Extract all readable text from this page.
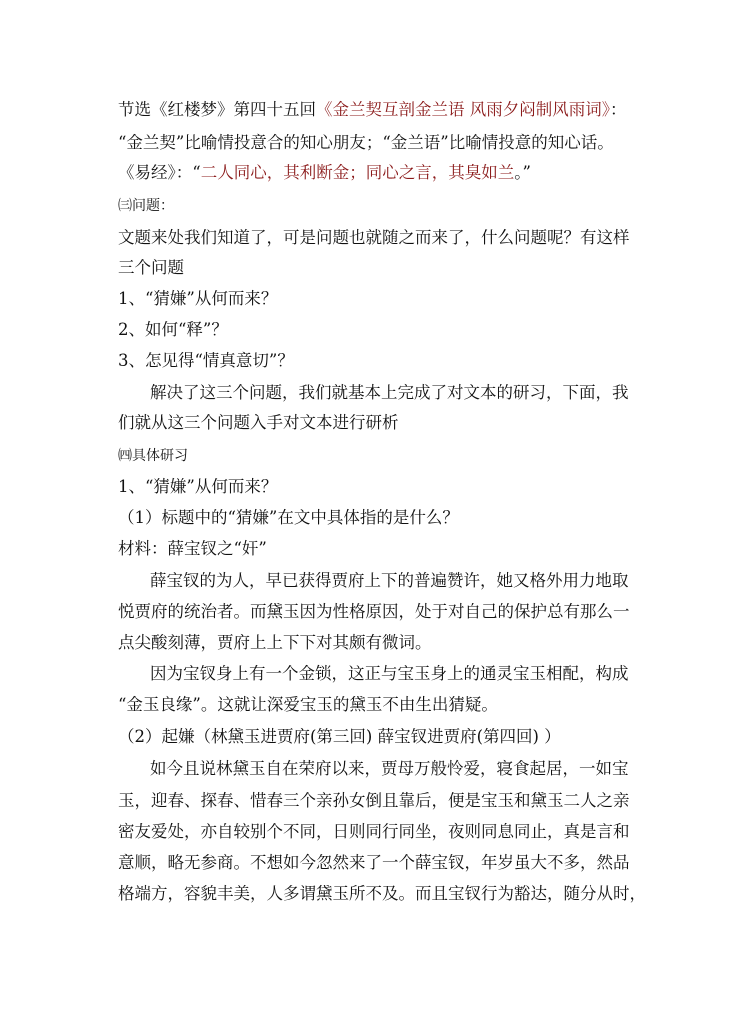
节选《红楼梦》第四十五回《金兰契互剖金兰语 风雨夕闷制风雨词》：
“金兰契”比喻情投意合的知心朋友；“金兰语”比喻情投意的知心话。
《易经》：“二人同心，其利断金；同心之言，其臭如兰。”
㈢问题：
文题来处我们知道了，可是问题也就随之而来了，什么问题呢？有这样
三个问题
1、“猜嫌”从何而来？
2、如何“释”？
3、怎见得“情真意切”？
解决了这三个问题，我们就基本上完成了对文本的研习，下面，我
们就从这三个问题入手对文本进行研析
㈣具体研习
1、“猜嫌”从何而来？
（1）标题中的“猜嫌”在文中具体指的是什么？
材料：薛宝钗之“奸”
薛宝钗的为人，早已获得贾府上下的普遍赞许，她又格外用力地取
悦贾府的统治者。而黛玉因为性格原因，处于对自己的保护总有那么一
点尖酸刻薄，贾府上上下下对其颇有微词。
因为宝钗身上有一个金锁，这正与宝玉身上的通灵宝玉相配，构成
“金玉良缘”。这就让深爱宝玉的黛玉不由生出猜疑。
（2）起嫌（林黛玉进贾府(第三回) 薛宝钗进贾府(第四回) ）
如今且说林黛玉自在荣府以来，贾母万般怜爱，寝食起居，一如宝
玉，迎春、探春、惜春三个亲孙女倒且靠后，便是宝玉和黛玉二人之亲
密友爱处，亦自较别个不同，日则同行同坐，夜则同息同止，真是言和
意顺，略无参商。不想如今忽然来了一个薛宝钗，年岁虽大不多，然品
格端方，容貌丰美，人多谓黛玉所不及。而且宝钗行为豁达，随分从时，
